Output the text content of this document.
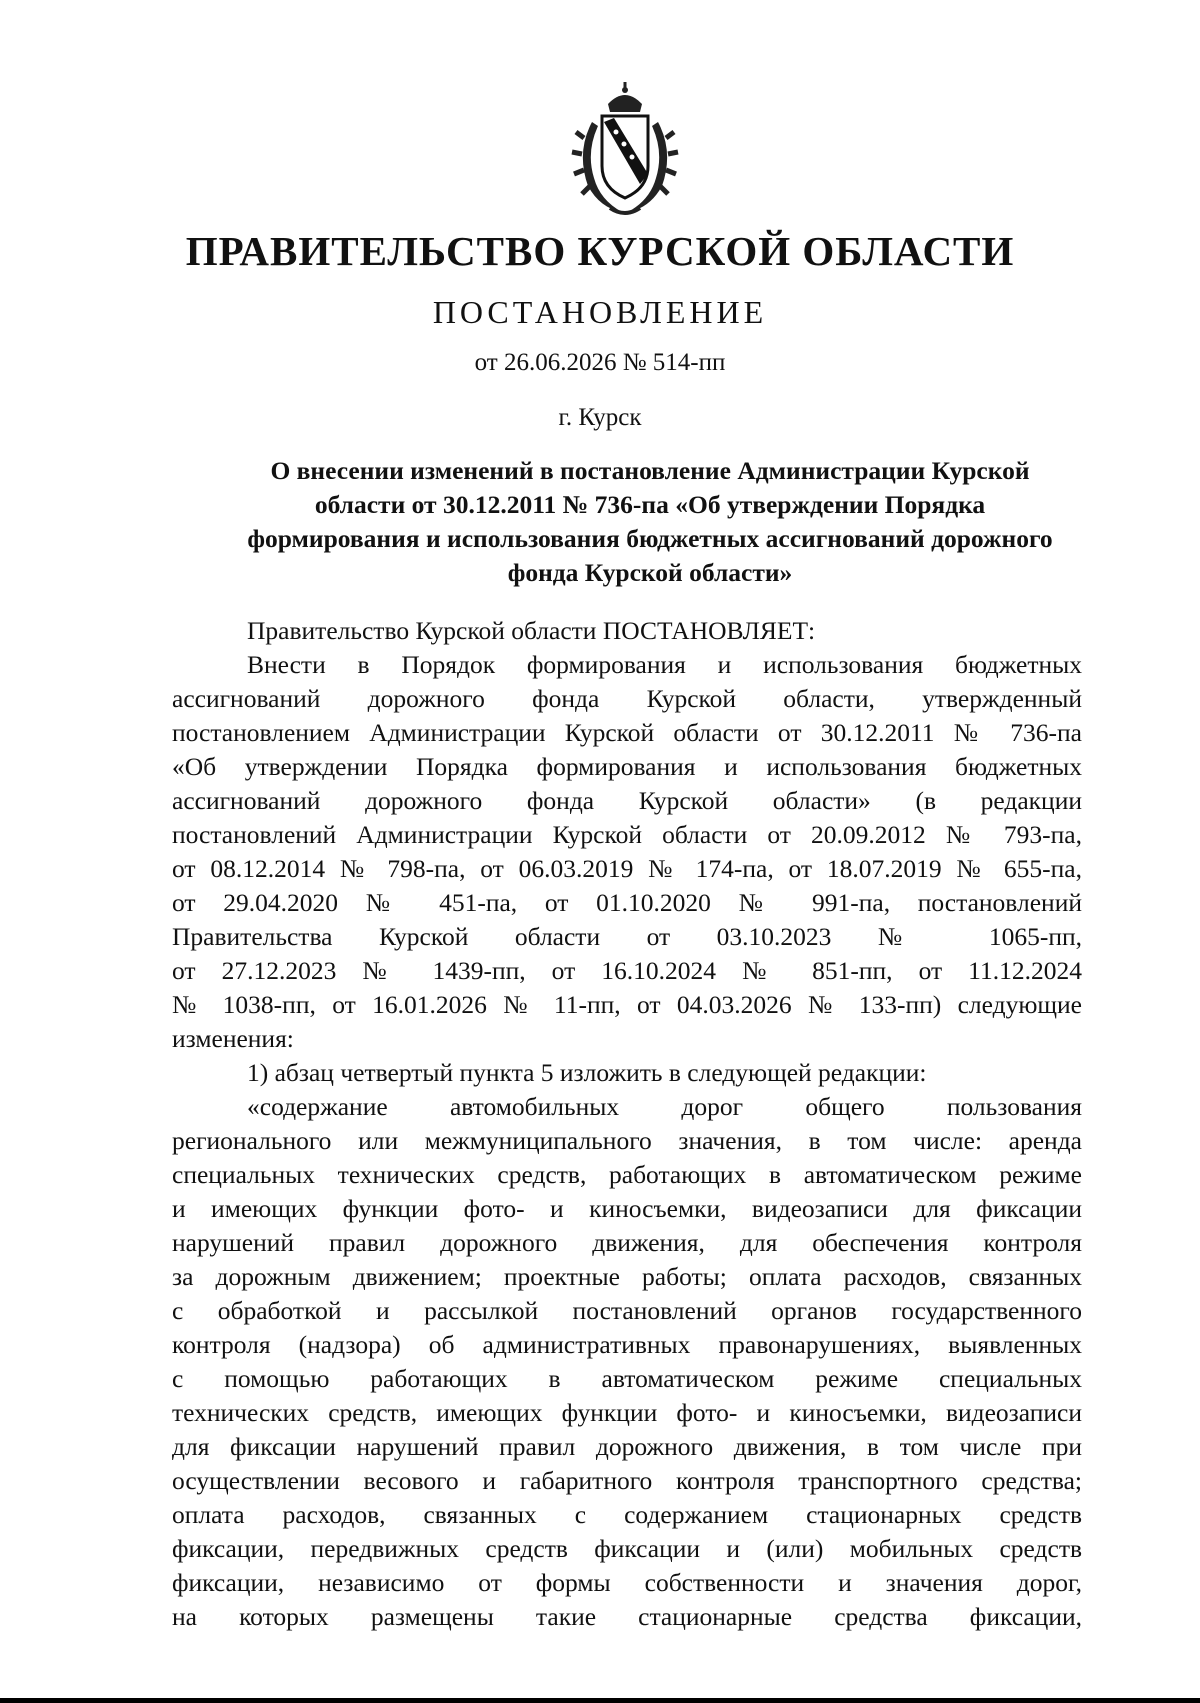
ПРАВИТЕЛЬСТВО КУРСКОЙ ОБЛАСТИ
ПОСТАНОВЛЕНИЕ
от 26.06.2026 № 514-пп
г. Курск
О внесении изменений в постановление Администрации Курской
области от 30.12.2011 № 736-па «Об утверждении Порядка
формирования и использования бюджетных ассигнований дорожного
фонда Курской области»
Правительство Курской области ПОСТАНОВЛЯЕТ:
Внести в Порядок формирования и использования бюджетных
ассигнований дорожного фонда Курской области, утвержденный
постановлением Администрации Курской области от 30.12.2011 № 736-па
«Об утверждении Порядка формирования и использования бюджетных
ассигнований дорожного фонда Курской области» (в редакции
постановлений Администрации Курской области от 20.09.2012 № 793-па,
от 08.12.2014 № 798-па, от 06.03.2019 № 174-па, от 18.07.2019 № 655-па,
от 29.04.2020 № 451-па, от 01.10.2020 № 991-па, постановлений
Правительства Курской области от 03.10.2023 № 1065-пп,
от 27.12.2023 № 1439-пп, от 16.10.2024 № 851-пп, от 11.12.2024
№ 1038-пп, от 16.01.2026 № 11-пп, от 04.03.2026 № 133-пп) следующие
изменения:
1) абзац четвертый пункта 5 изложить в следующей редакции:
«содержание автомобильных дорог общего пользования
регионального или межмуниципального значения, в том числе: аренда
специальных технических средств, работающих в автоматическом режиме
и имеющих функции фото- и киносъемки, видеозаписи для фиксации
нарушений правил дорожного движения, для обеспечения контроля
за дорожным движением; проектные работы; оплата расходов, связанных
с обработкой и рассылкой постановлений органов государственного
контроля (надзора) об административных правонарушениях, выявленных
с помощью работающих в автоматическом режиме специальных
технических средств, имеющих функции фото- и киносъемки, видеозаписи
для фиксации нарушений правил дорожного движения, в том числе при
осуществлении весового и габаритного контроля транспортного средства;
оплата расходов, связанных с содержанием стационарных средств
фиксации, передвижных средств фиксации и (или) мобильных средств
фиксации, независимо от формы собственности и значения дорог,
на которых размещены такие стационарные средства фиксации,
